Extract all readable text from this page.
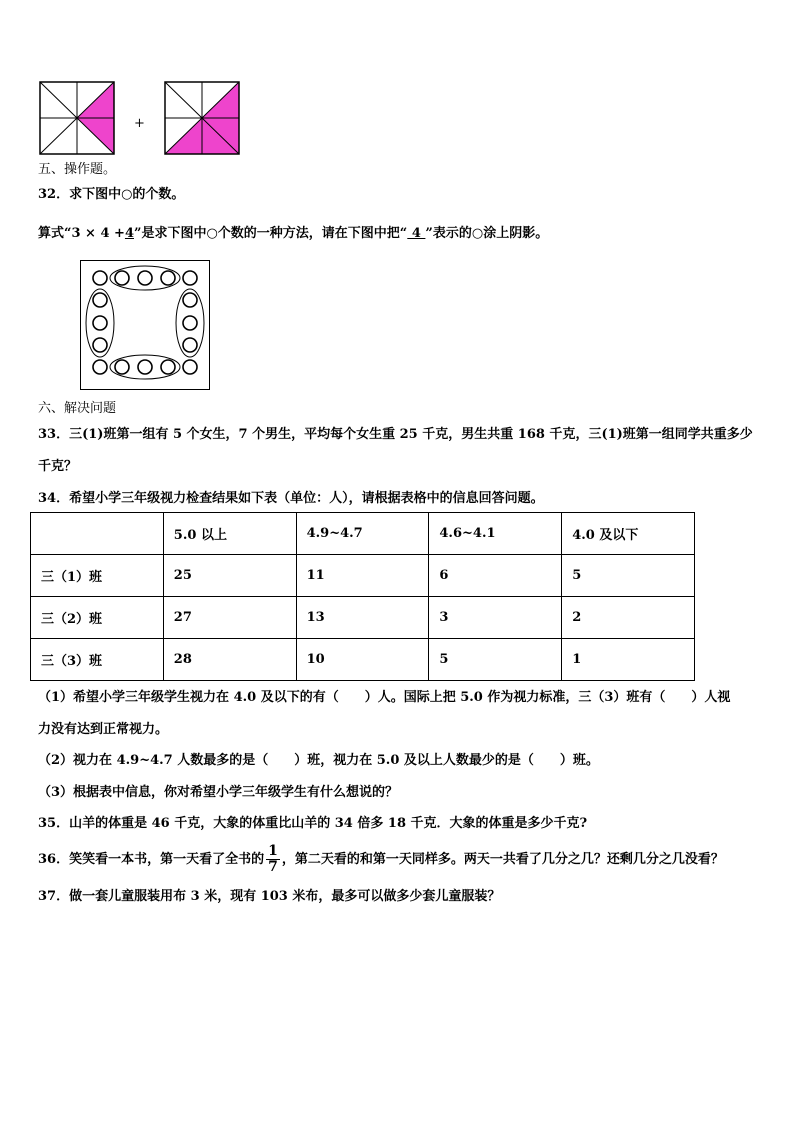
+
五、操作题。
32．求下图中○的个数。
算式“3 × 4 +4”是求下图中○个数的一种方法，请在下图中把“ 4 ”表示的○涂上阴影。
六、解决问题
33．三(1)班第一组有 5 个女生，7 个男生，平均每个女生重 25 千克，男生共重 168 千克，三(1)班第一组同学共重多少
千克？
34．希望小学三年级视力检查结果如下表（单位：人），请根据表格中的信息回答问题。
	5.0 以上	4.9~4.7	4.6~4.1	4.0 及以下
三（1）班	25	11	6	5
三（2）班	27	13	3	2
三（3）班	28	10	5	1
（1）希望小学三年级学生视力在 4.0 及以下的有（　　）人。国际上把 5.0 作为视力标准，三（3）班有（　　）人视
力没有达到正常视力。
（2）视力在 4.9~4.7 人数最多的是（　　）班，视力在 5.0 及以上人数最少的是（　　）班。
（3）根据表中信息，你对希望小学三年级学生有什么想说的？
35．山羊的体重是 46 千克，大象的体重比山羊的 34 倍多 18 千克．大象的体重是多少千克?
36．笑笑看一本书，第一天看了全书的 $\frac{1}{7}$ ，第二天看的和第一天同样多。两天一共看了几分之几？还剩几分之几没看？
37．做一套儿童服装用布 3 米，现有 103 米布，最多可以做多少套儿童服装？
